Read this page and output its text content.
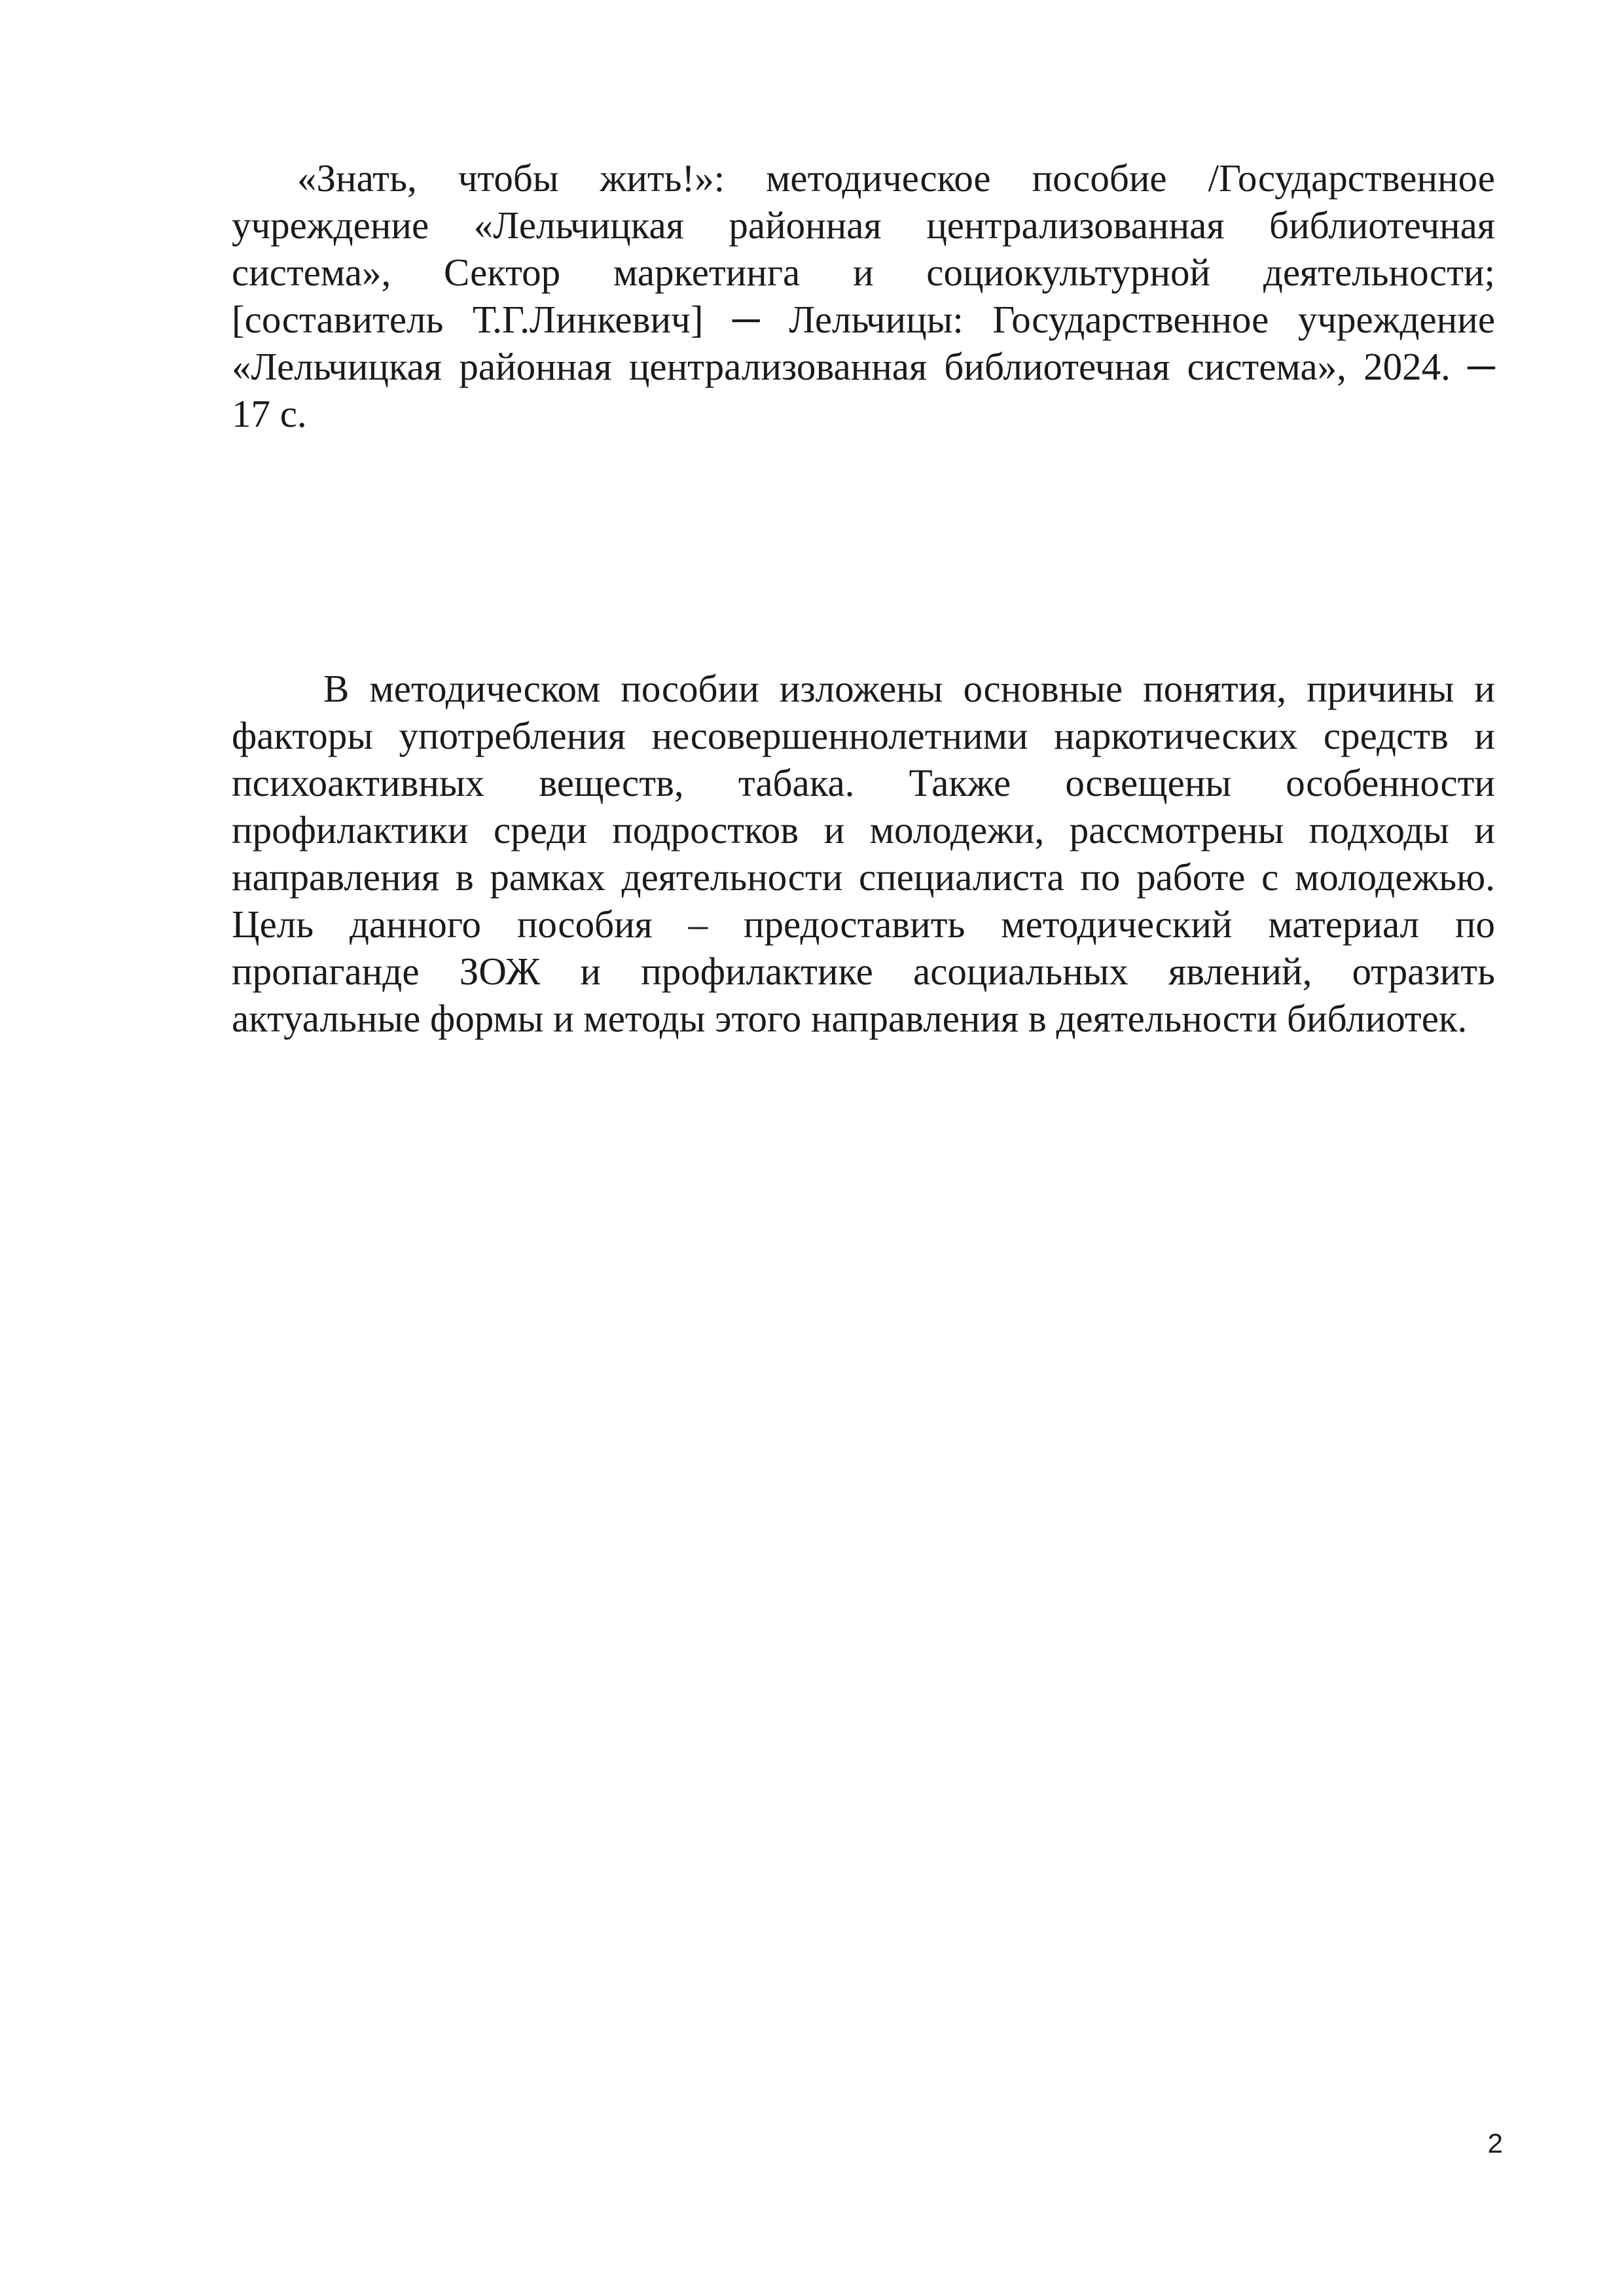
«Знать, чтобы жить!»: методическое пособие /Государственное учреждение «Лельчицкая районная централизованная библиотечная система», Сектор маркетинга и социокультурной деятельности; [составитель Т.Г.Линкевич] ─ Лельчицы: Государственное учреждение «Лельчицкая районная централизованная библиотечная система», 2024. ─ 17 с.

В методическом пособии изложены основные понятия, причины и факторы употребления несовершеннолетними наркотических средств и психоактивных веществ, табака. Также освещены особенности профилактики среди подростков и молодежи, рассмотрены подходы и направления в рамках деятельности специалиста по работе с молодежью. Цель данного пособия – предоставить методический материал по пропаганде ЗОЖ и профилактике асоциальных явлений, отразить актуальные формы и методы этого направления в деятельности библиотек.

2
